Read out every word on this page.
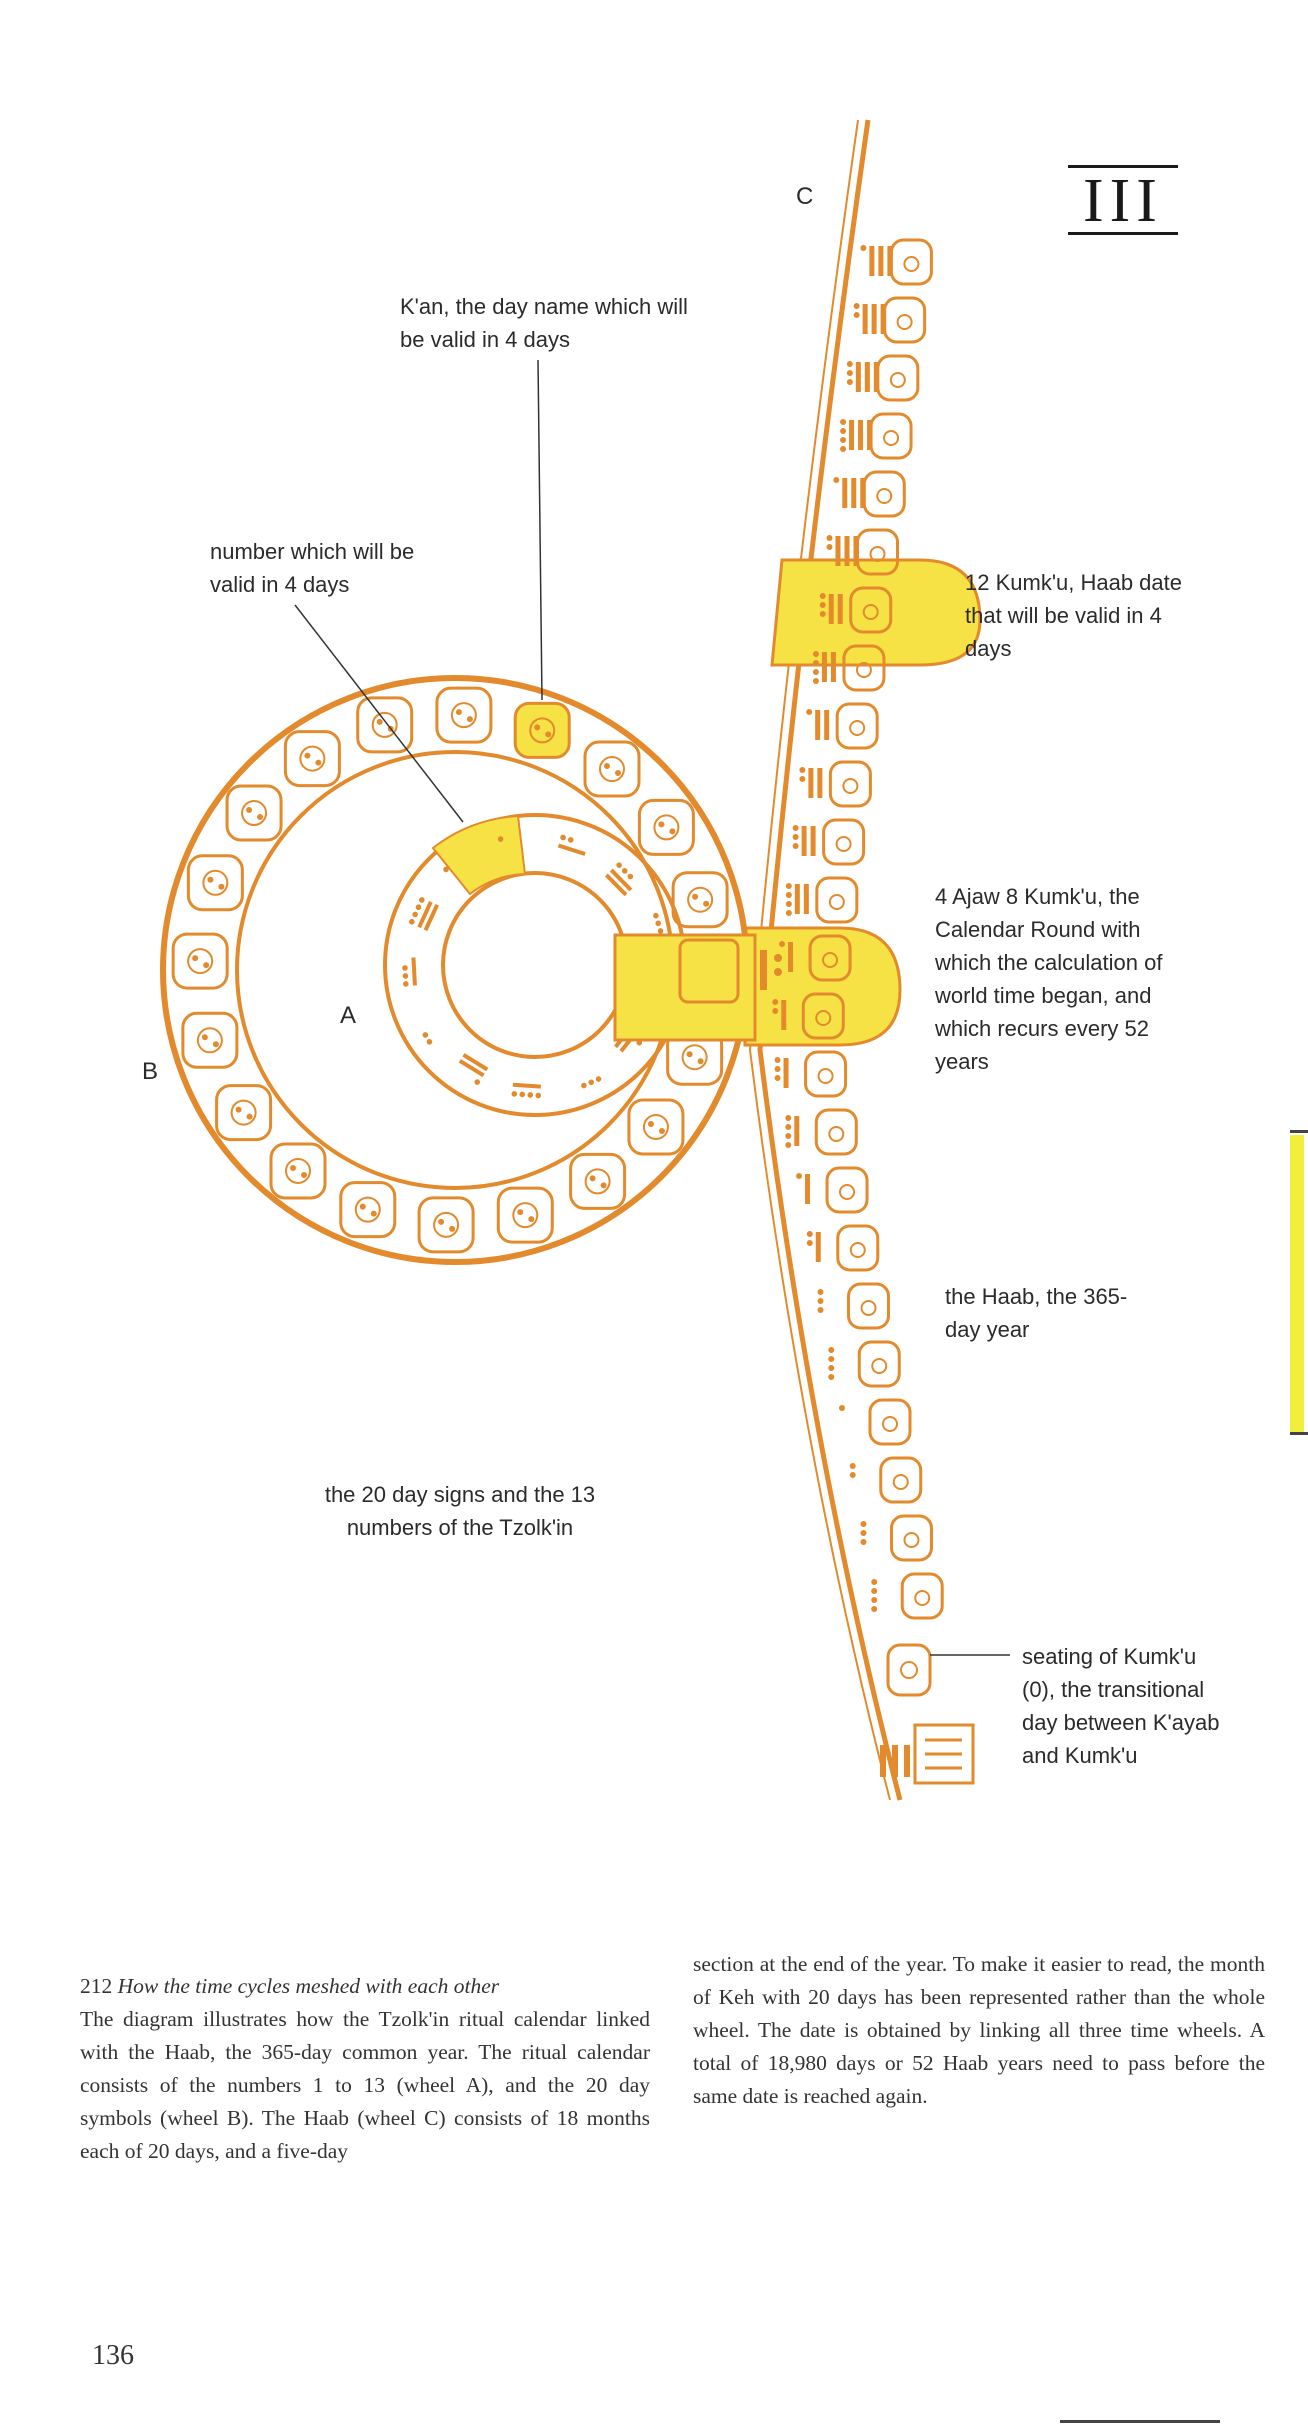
III
C
A
B

K'an, the day name which will be valid in 4 days

number which will be valid in 4 days	12 Kumk'u, Haab date that will be valid in 4 days

4 Ajaw 8 Kumk'u, the Calendar Round with which the calculation of world time began, and which recurs every 52 years

the Haab, the 365-day year

the 20 day signs and the 13 numbers of the Tzolk'in

seating of Kumk'u (0), the transitional day between K'ayab and Kumk'u

212 How the time cycles meshed with each other

The diagram illustrates how the Tzolk'in ritual calendar linked with the Haab, the 365-day common year. The ritual calendar consists of the numbers 1 to 13 (wheel A), and the 20 day symbols (wheel B). The Haab (wheel C) consists of 18 months each of 20 days, and a five-day

section at the end of the year. To make it easier to read, the month of Keh with 20 days has been represented rather than the whole wheel. The date is obtained by linking all three time wheels. A total of 18,980 days or 52 Haab years need to pass before the same date is reached again.

136
